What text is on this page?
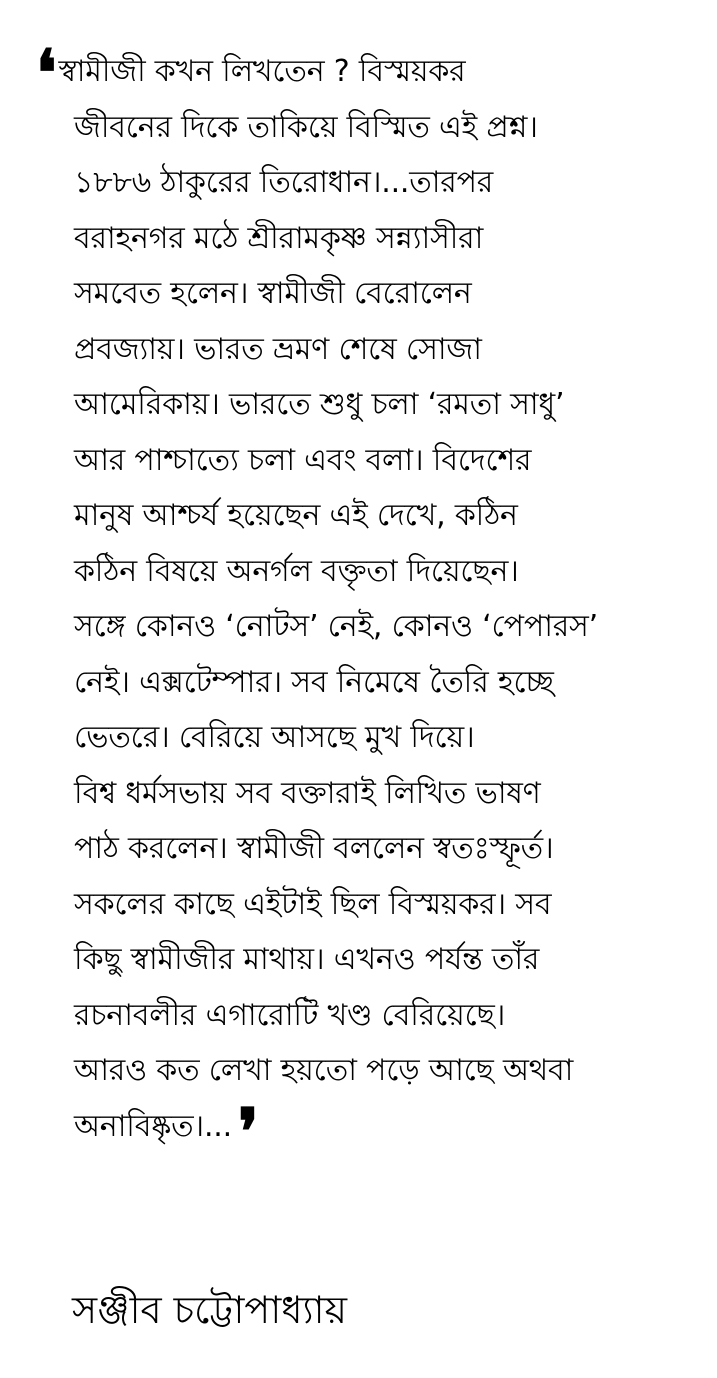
❛স্বামীজী কখন লিখতেন ? বিস্ময়কর
জীবনের দিকে তাকিয়ে বিস্মিত এই প্রশ্ন।
১৮৮৬ ঠাকুরের তিরোধান।...তারপর
বরাহনগর মঠে শ্রীরামকৃষ্ণ সন্ন্যাসীরা
সমবেত হলেন। স্বামীজী বেরোলেন
প্রবজ্যায়। ভারত ভ্রমণ শেষে সোজা
আমেরিকায়। ভারতে শুধু চলা ‘রমতা সাধু’
আর পাশ্চাত্যে চলা এবং বলা। বিদেশের
মানুষ আশ্চর্য হয়েছেন এই দেখে, কঠিন
কঠিন বিষয়ে অনর্গল বক্তৃতা দিয়েছেন।
সঙ্গে কোনও ‘নোটস’ নেই, কোনও ‘পেপারস’
নেই। এক্সটেম্পার। সব নিমেষে তৈরি হচ্ছে
ভেতরে। বেরিয়ে আসছে মুখ দিয়ে।
বিশ্ব ধর্মসভায় সব বক্তারাই লিখিত ভাষণ
পাঠ করলেন। স্বামীজী বললেন স্বতঃস্ফূর্ত।
সকলের কাছে এইটাই ছিল বিস্ময়কর। সব
কিছু স্বামীজীর মাথায়। এখনও পর্যন্ত তাঁর
রচনাবলীর এগারোটি খণ্ড বেরিয়েছে।
আরও কত লেখা হয়তো পড়ে আছে অথবা
অনাবিষ্কৃত।...❜
সঞ্জীব চট্টোপাধ্যায়
